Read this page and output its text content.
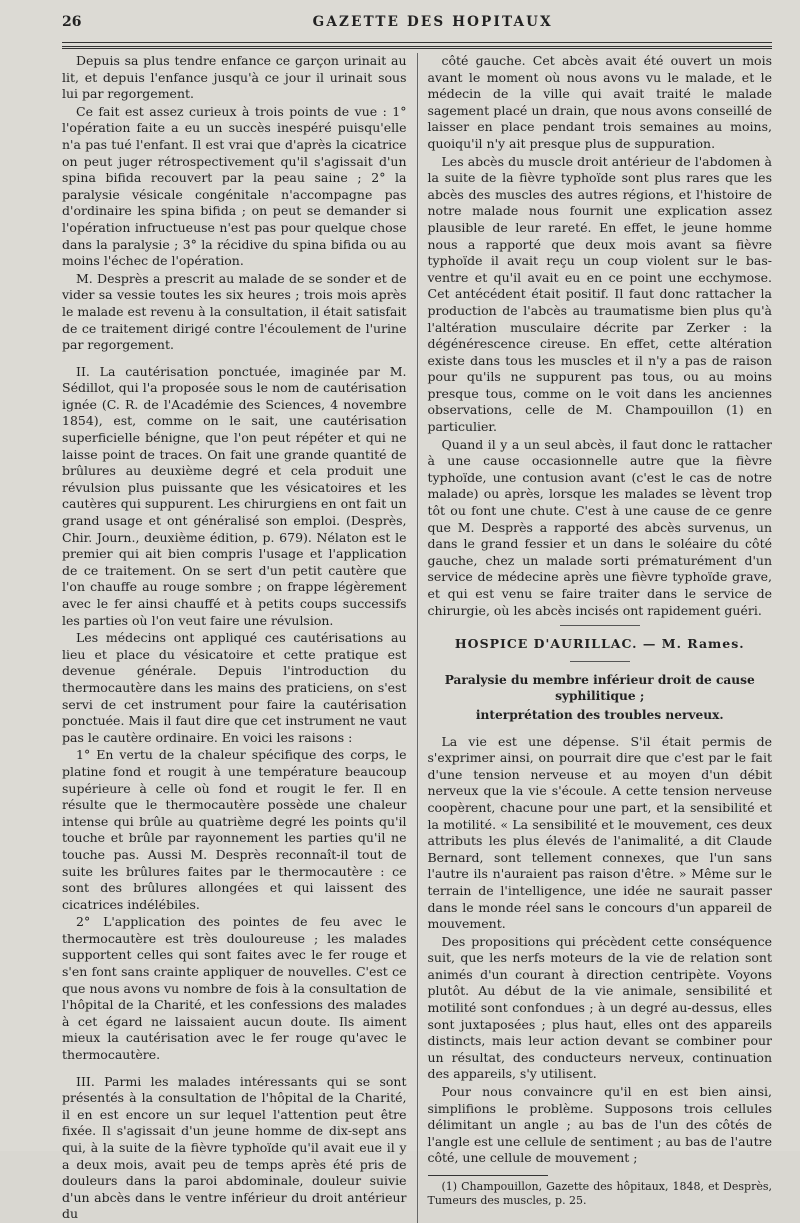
26	GAZETTE DES HOPITAUX

Depuis sa plus tendre enfance ce garçon urinait au lit, et depuis l'enfance jusqu'à ce jour il urinait sous lui par regorgement.

Ce fait est assez curieux à trois points de vue : 1° l'opération faite a eu un succès inespéré puisqu'elle n'a pas tué l'enfant. Il est vrai que d'après la cicatrice on peut juger rétrospectivement qu'il s'agissait d'un spina bifida recouvert par la peau saine ; 2° la paralysie vésicale congénitale n'accompagne pas d'ordinaire les spina bifida ; on peut se demander si l'opération infructueuse n'est pas pour quelque chose dans la paralysie ; 3° la récidive du spina bifida ou au moins l'échec de l'opération.

M. Desprès a prescrit au malade de se sonder et de vider sa vessie toutes les six heures ; trois mois après le malade est revenu à la consultation, il était satisfait de ce traitement dirigé contre l'écoulement de l'urine par regorgement.

II. La cautérisation ponctuée, imaginée par M. Sédillot, qui l'a proposée sous le nom de cautérisation ignée (C. R. de l'Académie des Sciences, 4 novembre 1854), est, comme on le sait, une cautérisation superficielle bénigne, que l'on peut répéter et qui ne laisse point de traces. On fait une grande quantité de brûlures au deuxième degré et cela produit une révulsion plus puissante que les vésicatoires et les cautères qui suppurent. Les chirurgiens en ont fait un grand usage et ont généralisé son emploi. (Desprès, Chir. Journ., deuxième édition, p. 679). Nélaton est le premier qui ait bien compris l'usage et l'application de ce traitement. On se sert d'un petit cautère que l'on chauffe au rouge sombre ; on frappe légèrement avec le fer ainsi chauffé et à petits coups successifs les parties où l'on veut faire une révulsion.

Les médecins ont appliqué ces cautérisations au lieu et place du vésicatoire et cette pratique est devenue générale. Depuis l'introduction du thermocautère dans les mains des praticiens, on s'est servi de cet instrument pour faire la cautérisation ponctuée. Mais il faut dire que cet instrument ne vaut pas le cautère ordinaire. En voici les raisons :

1° En vertu de la chaleur spécifique des corps, le platine fond et rougit à une température beaucoup supérieure à celle où fond et rougit le fer. Il en résulte que le thermocautère possède une chaleur intense qui brûle au quatrième degré les points qu'il touche et brûle par rayonnement les parties qu'il ne touche pas. Aussi M. Desprès reconnaît-il tout de suite les brûlures faites par le thermocautère : ce sont des brûlures allongées et qui laissent des cicatrices indélébiles.

2° L'application des pointes de feu avec le thermocautère est très douloureuse ; les malades supportent celles qui sont faites avec le fer rouge et s'en font sans crainte appliquer de nouvelles. C'est ce que nous avons vu nombre de fois à la consultation de l'hôpital de la Charité, et les confessions des malades à cet égard ne laissaient aucun doute. Ils aiment mieux la cautérisation avec le fer rouge qu'avec le thermocautère.

III. Parmi les malades intéressants qui se sont présentés à la consultation de l'hôpital de la Charité, il en est encore un sur lequel l'attention peut être fixée. Il s'agissait d'un jeune homme de dix-sept ans qui, à la suite de la fièvre typhoïde qu'il avait eue il y a deux mois, avait peu de temps après été pris de douleurs dans la paroi abdominale, douleur suivie d'un abcès dans le ventre inférieur du droit antérieur du

côté gauche. Cet abcès avait été ouvert un mois avant le moment où nous avons vu le malade, et le médecin de la ville qui avait traité le malade sagement placé un drain, que nous avons conseillé de laisser en place pendant trois semaines au moins, quoiqu'il n'y ait presque plus de suppuration.

Les abcès du muscle droit antérieur de l'abdomen à la suite de la fièvre typhoïde sont plus rares que les abcès des muscles des autres régions, et l'histoire de notre malade nous fournit une explication assez plausible de leur rareté. En effet, le jeune homme nous a rapporté que deux mois avant sa fièvre typhoïde il avait reçu un coup violent sur le bas-ventre et qu'il avait eu en ce point une ecchymose. Cet antécédent était positif. Il faut donc rattacher la production de l'abcès au traumatisme bien plus qu'à l'altération musculaire décrite par Zerker : la dégénérescence cireuse. En effet, cette altération existe dans tous les muscles et il n'y a pas de raison pour qu'ils ne suppurent pas tous, ou au moins presque tous, comme on le voit dans les anciennes observations, celle de M. Champouillon (1) en particulier.

Quand il y a un seul abcès, il faut donc le rattacher à une cause occasionnelle autre que la fièvre typhoïde, une contusion avant (c'est le cas de notre malade) ou après, lorsque les malades se lèvent trop tôt ou font une chute. C'est à une cause de ce genre que M. Desprès a rapporté des abcès survenus, un dans le grand fessier et un dans le soléaire du côté gauche, chez un malade sorti prématurément d'un service de médecine après une fièvre typhoïde grave, et qui est venu se faire traiter dans le service de chirurgie, où les abcès incisés ont rapidement guéri.

HOSPICE D'AURILLAC. — M. Rames.
Paralysie du membre inférieur droit de cause syphilitique ;
interprétation des troubles nerveux.

La vie est une dépense. S'il était permis de s'exprimer ainsi, on pourrait dire que c'est par le fait d'une tension nerveuse et au moyen d'un débit nerveux que la vie s'écoule. A cette tension nerveuse coopèrent, chacune pour une part, et la sensibilité et la motilité. « La sensibilité et le mouvement, ces deux attributs les plus élevés de l'animalité, a dit Claude Bernard, sont tellement connexes, que l'un sans l'autre ils n'auraient pas raison d'être. » Même sur le terrain de l'intelligence, une idée ne saurait passer dans le monde réel sans le concours d'un appareil de mouvement.

Des propositions qui précèdent cette conséquence suit, que les nerfs moteurs de la vie de relation sont animés d'un courant à direction centripète. Voyons plutôt. Au début de la vie animale, sensibilité et motilité sont confondues ; à un degré au-dessus, elles sont juxtaposées ; plus haut, elles ont des appareils distincts, mais leur action devant se combiner pour un résultat, des conducteurs nerveux, continuation des appareils, s'y utilisent.

Pour nous convaincre qu'il en est bien ainsi, simplifions le problème. Supposons trois cellules délimitant un angle ; au bas de l'un des côtés de l'angle est une cellule de sentiment ; au bas de l'autre côté, une cellule de mouvement ;

(1) Champouillon, Gazette des hôpitaux, 1848, et Desprès, Tumeurs des muscles, p. 25.
